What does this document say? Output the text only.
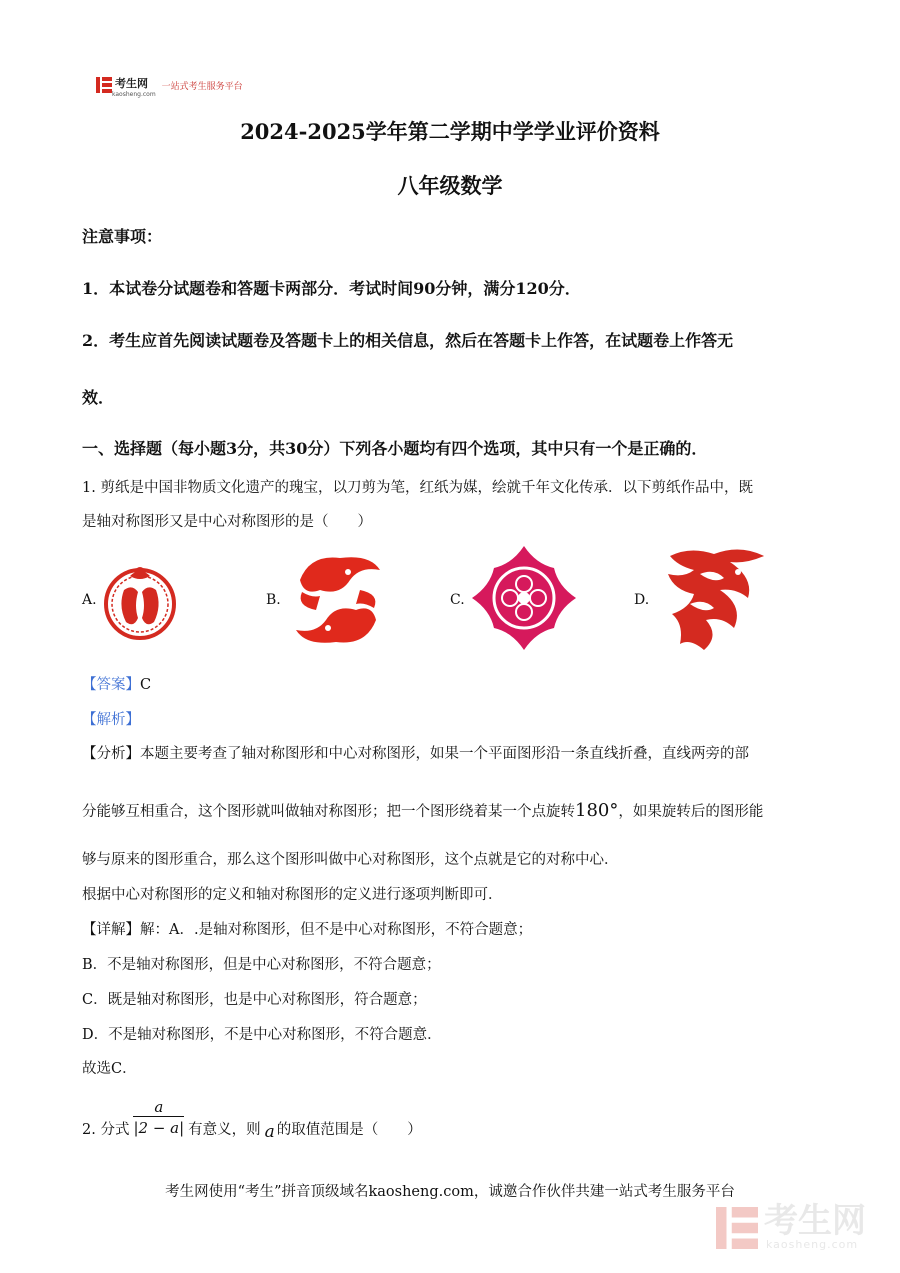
考生网
kaosheng.com
一站式考生服务平台
2024-2025学年第二学期中学学业评价资料
八年级数学
注意事项：
1．本试卷分试题卷和答题卡两部分．考试时间90分钟，满分120分．
2．考生应首先阅读试题卷及答题卡上的相关信息，然后在答题卡上作答，在试题卷上作答无
效．
一、选择题（每小题3分，共30分）下列各小题均有四个选项，其中只有一个是正确的．
1. 剪纸是中国非物质文化遗产的瑰宝，以刀剪为笔，红纸为媒，绘就千年文化传承．以下剪纸作品中，既
是轴对称图形又是中心对称图形的是（　　）
A.	B.	C.	D.
【答案】C
【解析】
【分析】本题主要考查了轴对称图形和中心对称图形，如果一个平面图形沿一条直线折叠，直线两旁的部
分能够互相重合，这个图形就叫做轴对称图形；把一个图形绕着某一个点旋转180°，如果旋转后的图形能
够与原来的图形重合，那么这个图形叫做中心对称图形，这个点就是它的对称中心．
根据中心对称图形的定义和轴对称图形的定义进行逐项判断即可．
【详解】解：A．.是轴对称图形，但不是中心对称图形，不符合题意；
B．不是轴对称图形，但是中心对称图形，不符合题意；
C．既是轴对称图形，也是中心对称图形，符合题意；
D．不是轴对称图形，不是中心对称图形，不符合题意．
故选C．
2. 分式 $\frac{a}{|2 - a|}$ 有意义，则 a 的取值范围是（　　）
考生网使用“考生”拼音顶级域名kaosheng.com，诚邀合作伙伴共建一站式考生服务平台
考生网
kaosheng.com
